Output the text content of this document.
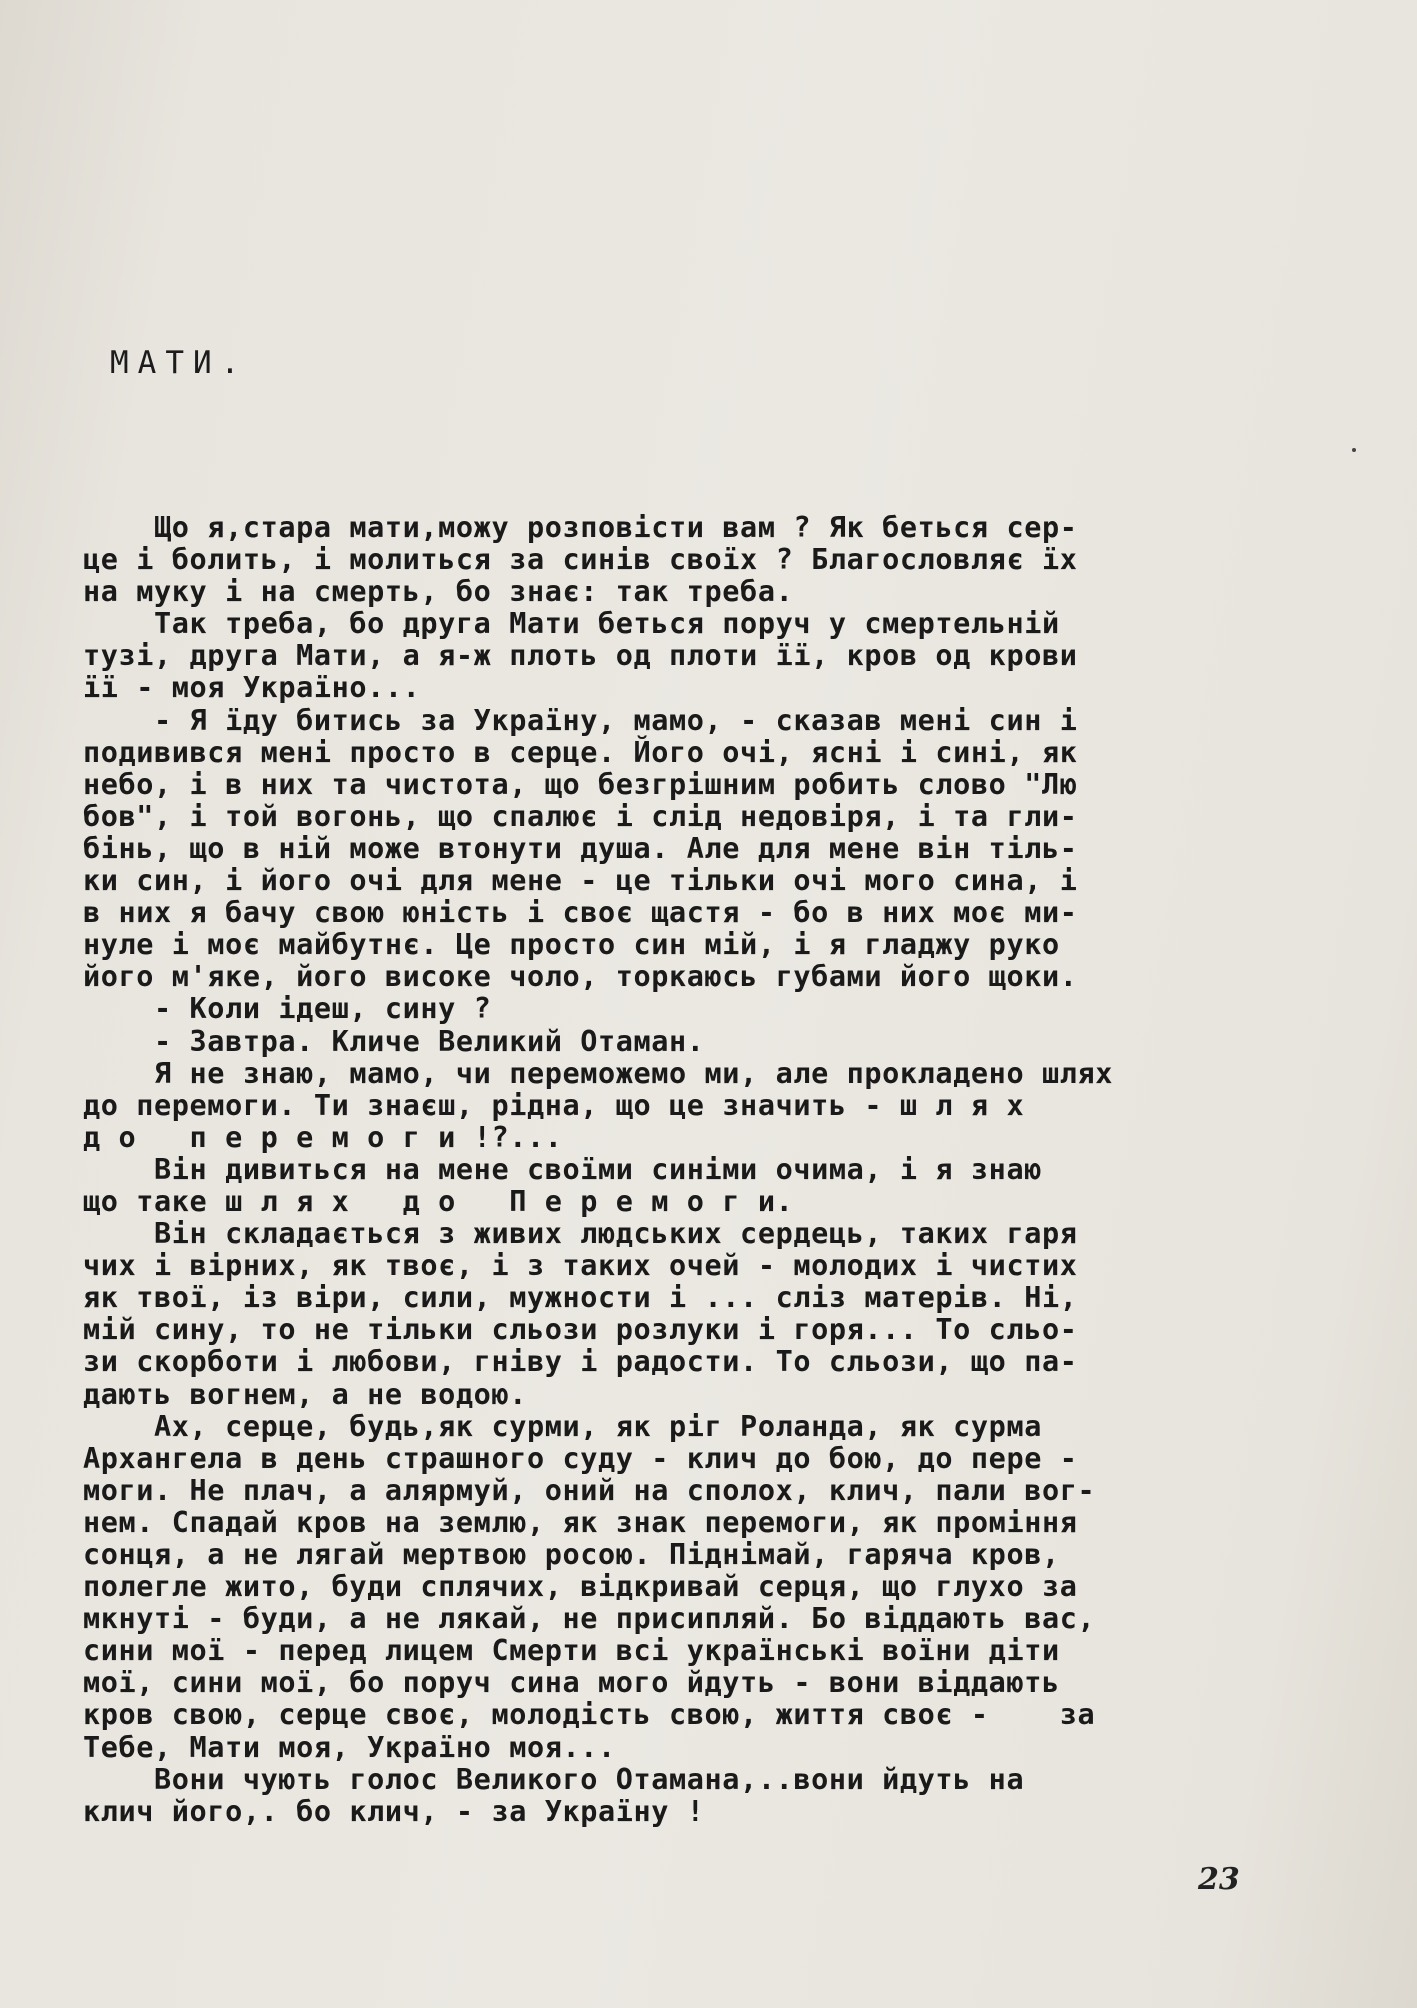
МАТИ.
Що я,стара мати,можу розповісти вам ? Як беться сер-
це і болить, і молиться за синів своїх ? Благословляє їх
на муку і на смерть, бо знає: так треба.
Так треба, бо друга Мати беться поруч у смертельній
тузі, друга Мати, а я-ж плоть од плоти її, кров од крови
її - моя Україно...
- Я їду битись за Україну, мамо, - сказав мені син і
подивився мені просто в серце. Його очі, ясні і сині, як
небо, і в них та чистота, що безгрішним робить слово "Лю
бов", і той вогонь, що спалює і слід недовіря, і та гли-
бінь, що в ній може втонути душа. Але для мене він тіль-
ки син, і його очі для мене - це тільки очі мого сина, і
в них я бачу свою юність і своє щастя - бо в них моє ми-
нуле і моє майбутнє. Це просто син мій, і я гладжу руко
його м'яке, його високе чоло, торкаюсь губами його щоки.
- Коли ідеш, сину ?
- Завтра. Кличе Великий Отаман.
Я не знаю, мамо, чи переможемо ми, але прокладено шлях
до перемоги. Ти знаєш, рідна, що це значить - ш л я х
д о   п е р е м о г и !?...
Він дивиться на мене своїми синіми очима, і я знаю
що таке ш л я х   д о   П е р е м о г и.
Він складається з живих людських сердець, таких гаря
чих і вірних, як твоє, і з таких очей - молодих і чистих
як твої, із віри, сили, мужности і ... сліз матерів. Ні,
мій сину, то не тільки сльози розлуки і горя... То сльо-
зи скорботи і любови, гніву і радости. То сльози, що па-
дають вогнем, а не водою.
Ах, серце, будь,як сурми, як ріг Роланда, як сурма
Архангела в день страшного суду - клич до бою, до пере -
моги. Не плач, а алярмуй, оний на сполох, клич, пали вог-
нем. Спадай кров на землю, як знак перемоги, як проміння
сонця, а не лягай мертвою росою. Піднімай, гаряча кров,
полегле жито, буди сплячих, відкривай серця, що глухо за
мкнуті - буди, а не лякай, не присипляй. Бо віддають вас,
сини мої - перед лицем Смерти всі українські воїни діти
мої, сини мої, бо поруч сина мого йдуть - вони віддають
кров свою, серце своє, молодість свою, життя своє -    за
Тебе, Мати моя, Україно моя...
Вони чують голос Великого Отамана,..вони йдуть на
клич його,. бо клич, - за Україну !
23
